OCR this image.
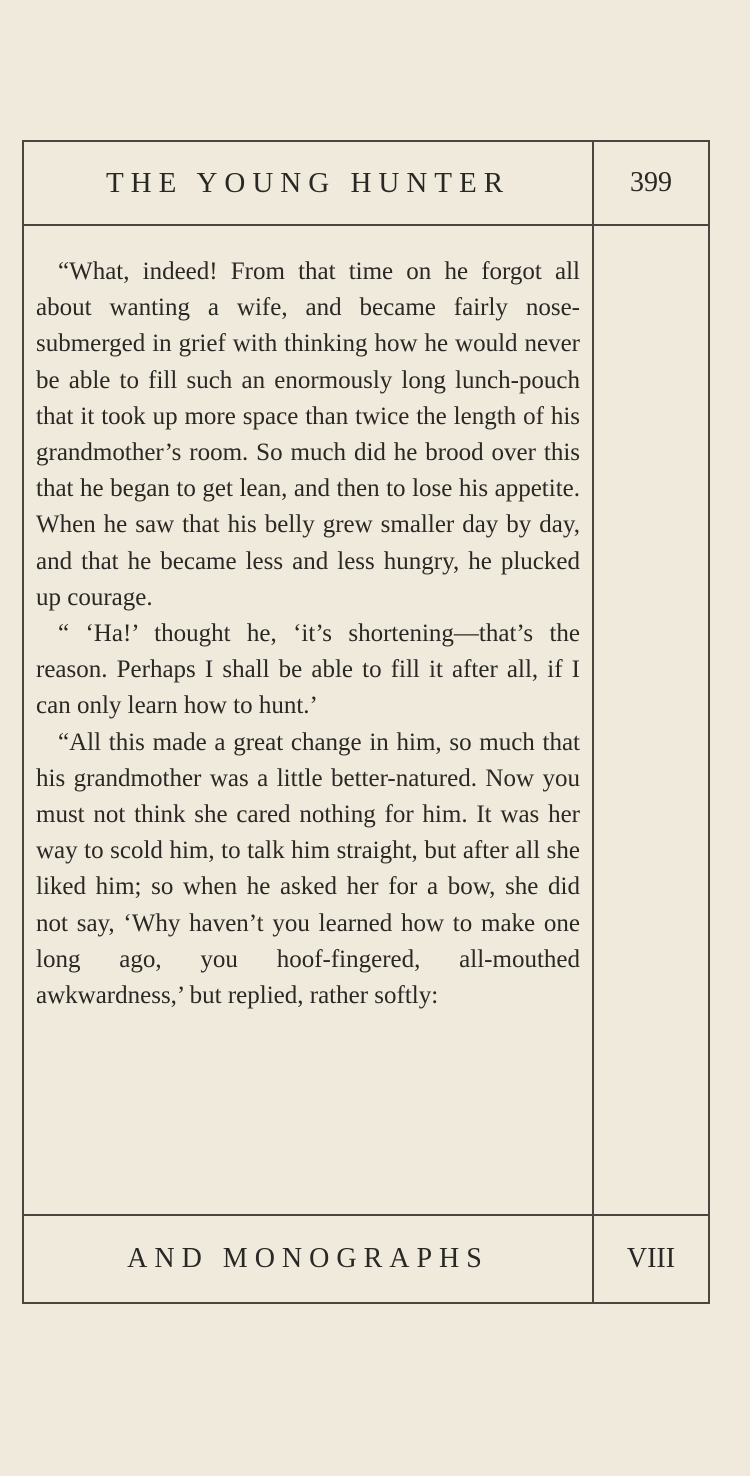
THE YOUNG HUNTER	399

“What, indeed! From that time on he forgot all about wanting a wife, and became fairly nose-submerged in grief with thinking how he would never be able to fill such an enormously long lunch-pouch that it took up more space than twice the length of his grandmother’s room. So much did he brood over this that he began to get lean, and then to lose his appetite. When he saw that his belly grew smaller day by day, and that he became less and less hungry, he plucked up courage.

“ ‘Ha!’ thought he, ‘it’s shortening—that’s the reason. Perhaps I shall be able to fill it after all, if I can only learn how to hunt.’

“All this made a great change in him, so much that his grandmother was a little better-natured. Now you must not think she cared nothing for him. It was her way to scold him, to talk him straight, but after all she liked him; so when he asked her for a bow, she did not say, ‘Why haven’t you learned how to make one long ago, you hoof-fingered, all-mouthed awkwardness,’ but replied, rather softly:

AND MONOGRAPHS	VIII
